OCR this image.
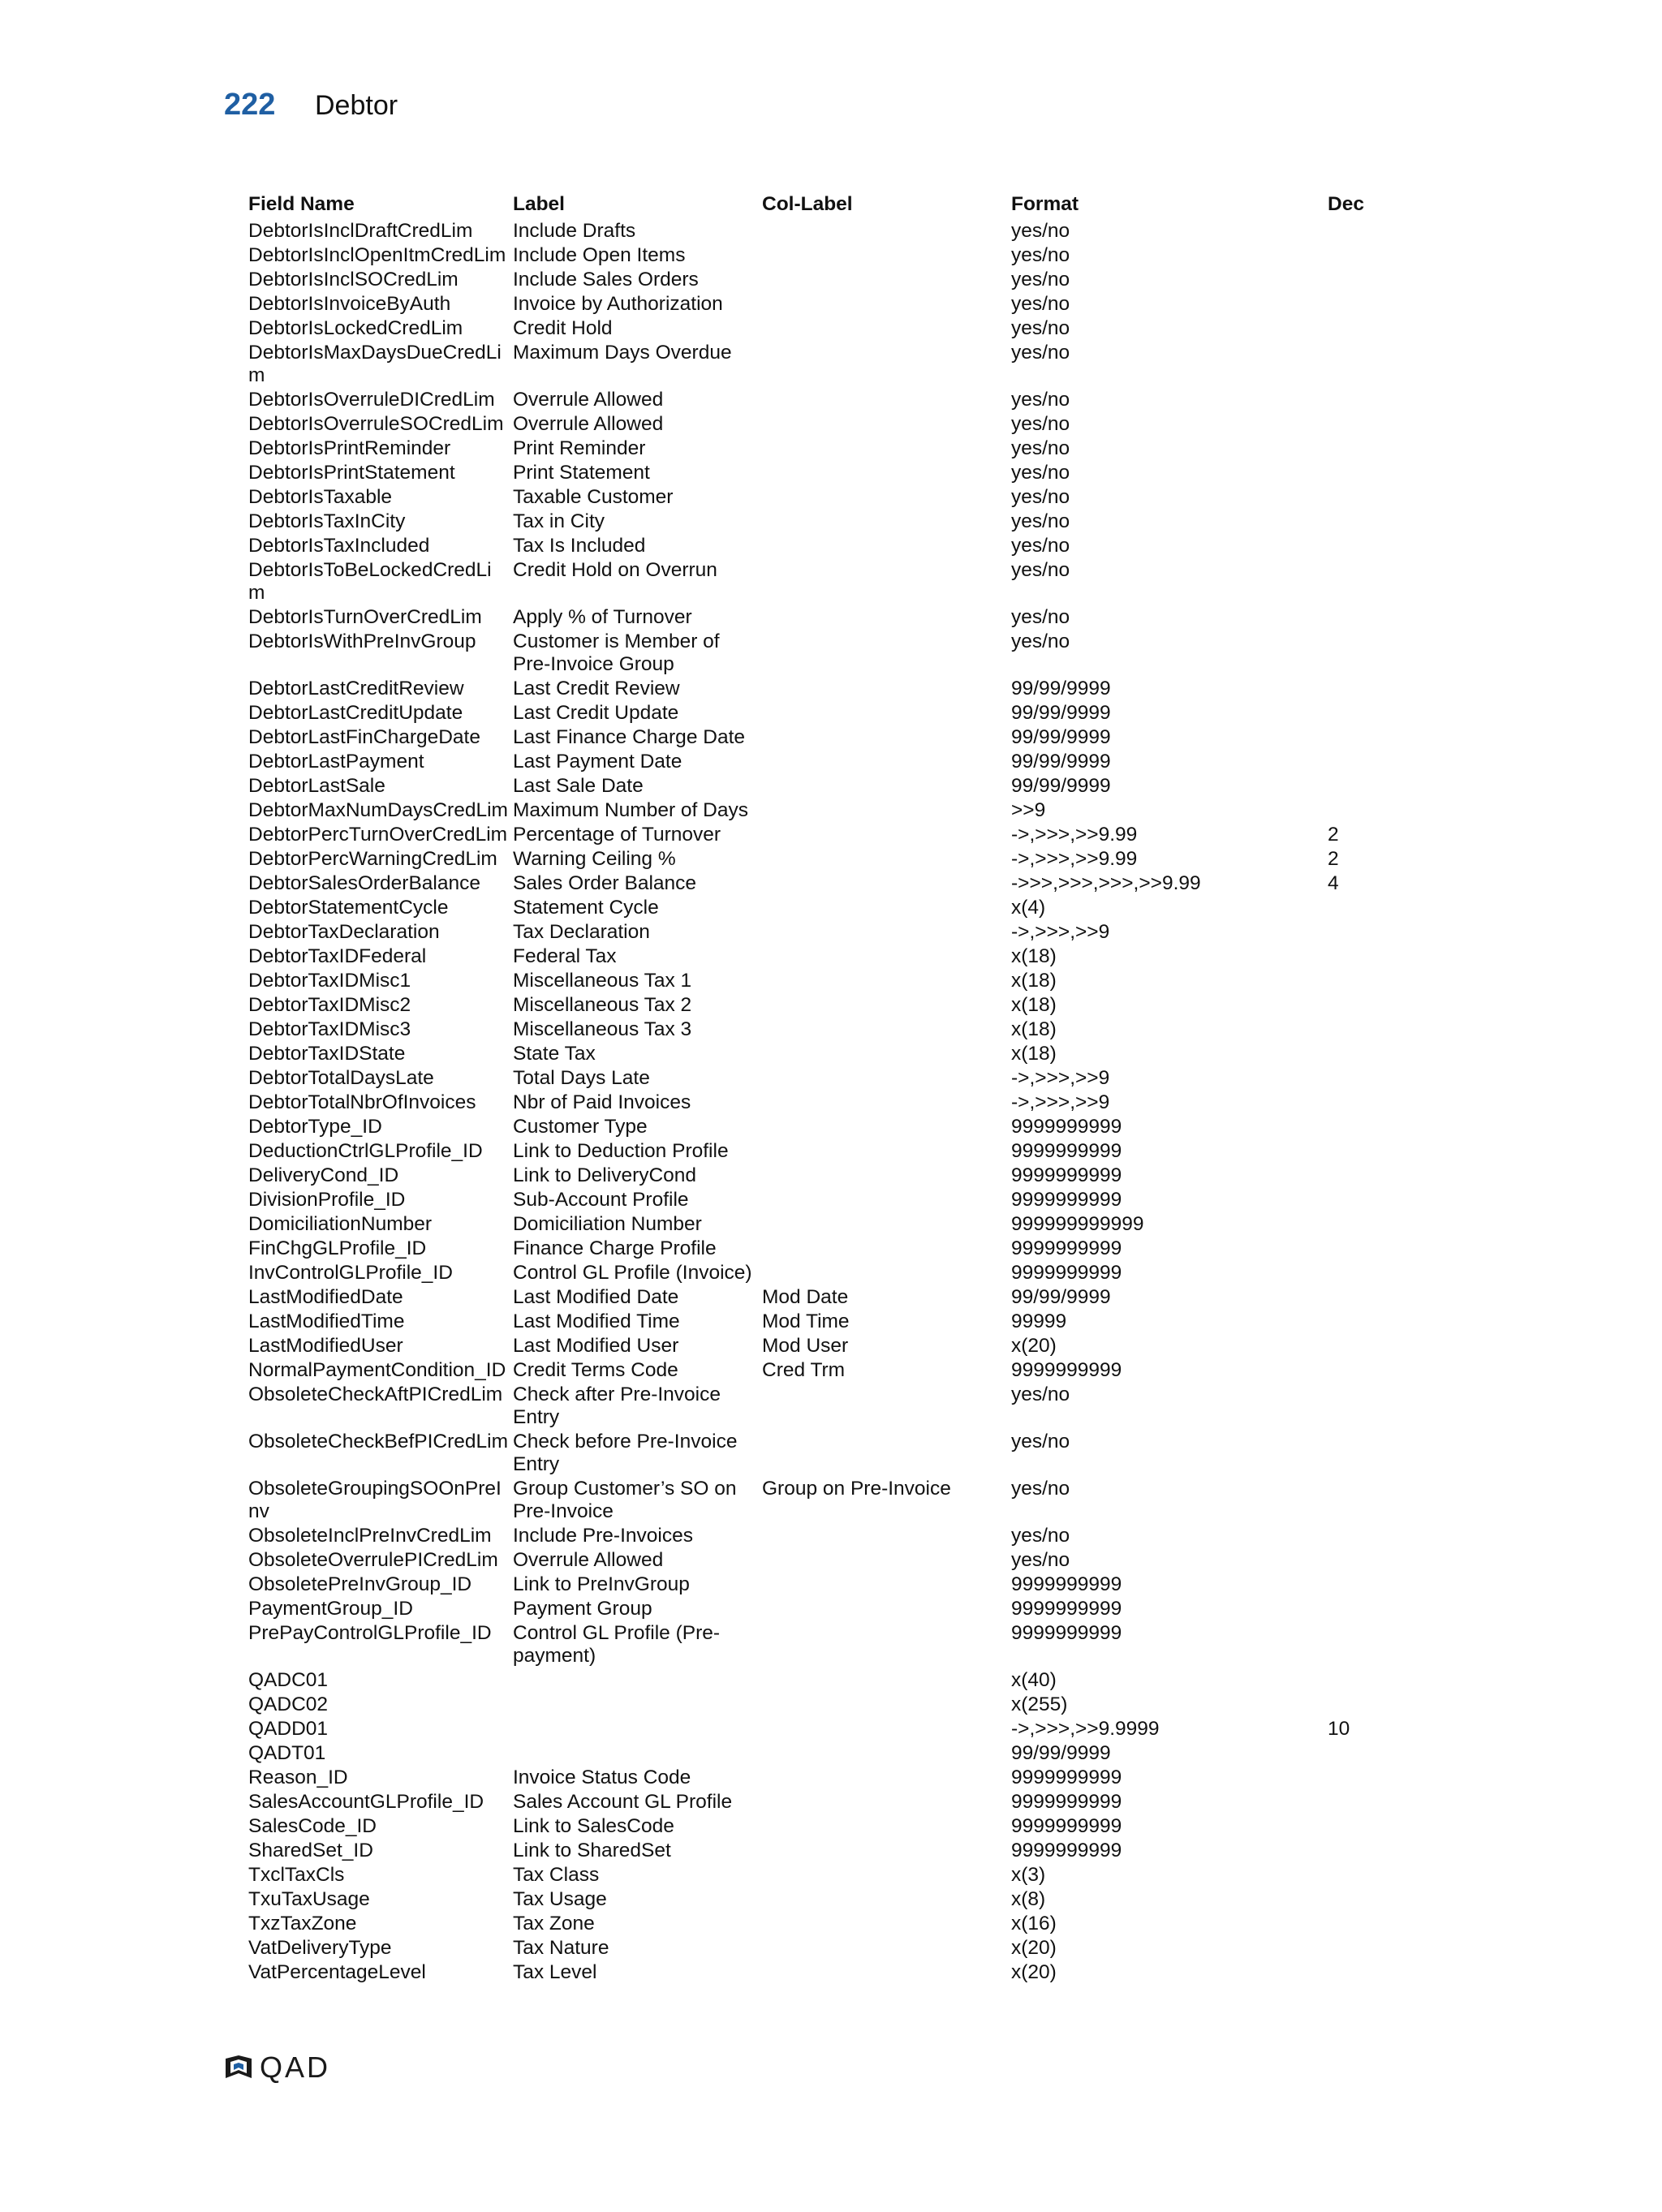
222	Debtor
Field Name	Label	Col-Label	Format	Dec
DebtorIsInclDraftCredLim	Include Drafts		yes/no	
DebtorIsInclOpenItmCredLim	Include Open Items		yes/no	
DebtorIsInclSOCredLim	Include Sales Orders		yes/no	
DebtorIsInvoiceByAuth	Invoice by Authorization		yes/no	
DebtorIsLockedCredLim	Credit Hold		yes/no	
DebtorIsMaxDaysDueCredLim	Maximum Days Overdue		yes/no	
DebtorIsOverruleDICredLim	Overrule Allowed		yes/no	
DebtorIsOverruleSOCredLim	Overrule Allowed		yes/no	
DebtorIsPrintReminder	Print Reminder		yes/no	
DebtorIsPrintStatement	Print Statement		yes/no	
DebtorIsTaxable	Taxable Customer		yes/no	
DebtorIsTaxInCity	Tax in City		yes/no	
DebtorIsTaxIncluded	Tax Is Included		yes/no	
DebtorIsToBeLockedCredLim	Credit Hold on Overrun		yes/no	
DebtorIsTurnOverCredLim	Apply % of Turnover		yes/no	
DebtorIsWithPreInvGroup	Customer is Member of Pre-Invoice Group		yes/no	
DebtorLastCreditReview	Last Credit Review		99/99/9999	
DebtorLastCreditUpdate	Last Credit Update		99/99/9999	
DebtorLastFinChargeDate	Last Finance Charge Date		99/99/9999	
DebtorLastPayment	Last Payment Date		99/99/9999	
DebtorLastSale	Last Sale Date		99/99/9999	
DebtorMaxNumDaysCredLim	Maximum Number of Days		>>9	
DebtorPercTurnOverCredLim	Percentage of Turnover		->,>>>,>>9.99	2
DebtorPercWarningCredLim	Warning Ceiling %		->,>>>,>>9.99	2
DebtorSalesOrderBalance	Sales Order Balance		->>>,>>>,>>>,>>9.99	4
DebtorStatementCycle	Statement Cycle		x(4)	
DebtorTaxDeclaration	Tax Declaration		->,>>>,>>9	
DebtorTaxIDFederal	Federal Tax		x(18)	
DebtorTaxIDMisc1	Miscellaneous Tax 1		x(18)	
DebtorTaxIDMisc2	Miscellaneous Tax 2		x(18)	
DebtorTaxIDMisc3	Miscellaneous Tax 3		x(18)	
DebtorTaxIDState	State Tax		x(18)	
DebtorTotalDaysLate	Total Days Late		->,>>>,>>9	
DebtorTotalNbrOfInvoices	Nbr of Paid Invoices		->,>>>,>>9	
DebtorType_ID	Customer Type		9999999999	
DeductionCtrlGLProfile_ID	Link to Deduction Profile		9999999999	
DeliveryCond_ID	Link to DeliveryCond		9999999999	
DivisionProfile_ID	Sub-Account Profile		9999999999	
DomiciliationNumber	Domiciliation Number		999999999999	
FinChgGLProfile_ID	Finance Charge Profile		9999999999	
InvControlGLProfile_ID	Control GL Profile (Invoice)		9999999999	
LastModifiedDate	Last Modified Date	Mod Date	99/99/9999	
LastModifiedTime	Last Modified Time	Mod Time	99999	
LastModifiedUser	Last Modified User	Mod User	x(20)	
NormalPaymentCondition_ID	Credit Terms Code	Cred Trm	9999999999	
ObsoleteCheckAftPICredLim	Check after Pre-Invoice Entry		yes/no	
ObsoleteCheckBefPICredLim	Check before Pre-Invoice Entry		yes/no	
ObsoleteGroupingSOOnPreInv	Group Customer’s SO on Pre-Invoice	Group on Pre-Invoice	yes/no	
ObsoleteInclPreInvCredLim	Include Pre-Invoices		yes/no	
ObsoleteOverrulePICredLim	Overrule Allowed		yes/no	
ObsoletePreInvGroup_ID	Link to PreInvGroup		9999999999	
PaymentGroup_ID	Payment Group		9999999999	
PrePayControlGLProfile_ID	Control GL Profile (Pre-payment)		9999999999	
QADC01			x(40)	
QADC02			x(255)	
QADD01			->,>>>,>>9.9999	10
QADT01			99/99/9999	
Reason_ID	Invoice Status Code		9999999999	
SalesAccountGLProfile_ID	Sales Account GL Profile		9999999999	
SalesCode_ID	Link to SalesCode		9999999999	
SharedSet_ID	Link to SharedSet		9999999999	
TxclTaxCls	Tax Class		x(3)	
TxuTaxUsage	Tax Usage		x(8)	
TxzTaxZone	Tax Zone		x(16)	
VatDeliveryType	Tax Nature		x(20)	
VatPercentageLevel	Tax Level		x(20)	
QAD
